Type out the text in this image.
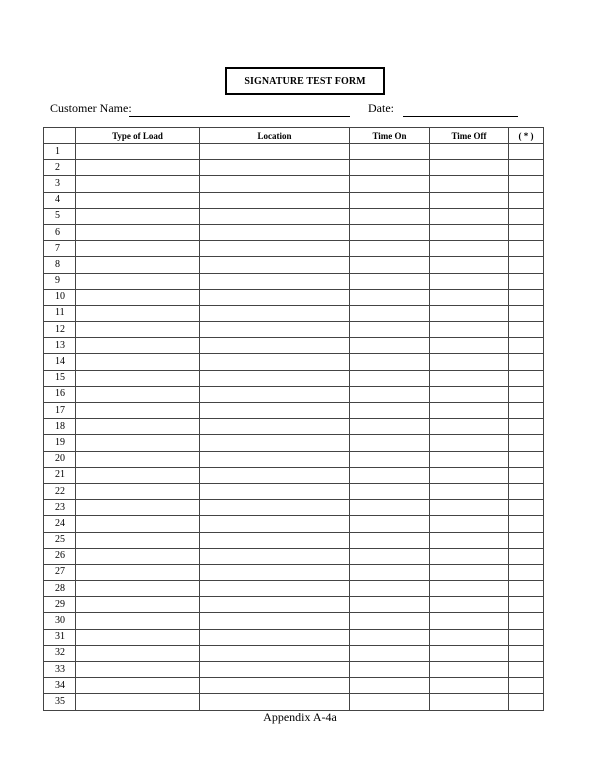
SIGNATURE TEST FORM
Customer Name:	Date:
	Type of Load	Location	Time On	Time Off	( * )
1					
2					
3					
4					
5					
6					
7					
8					
9					
10					
11					
12					
13					
14					
15					
16					
17					
18					
19					
20					
21					
22					
23					
24					
25					
26					
27					
28					
29					
30					
31					
32					
33					
34					
35					
Appendix A-4a
